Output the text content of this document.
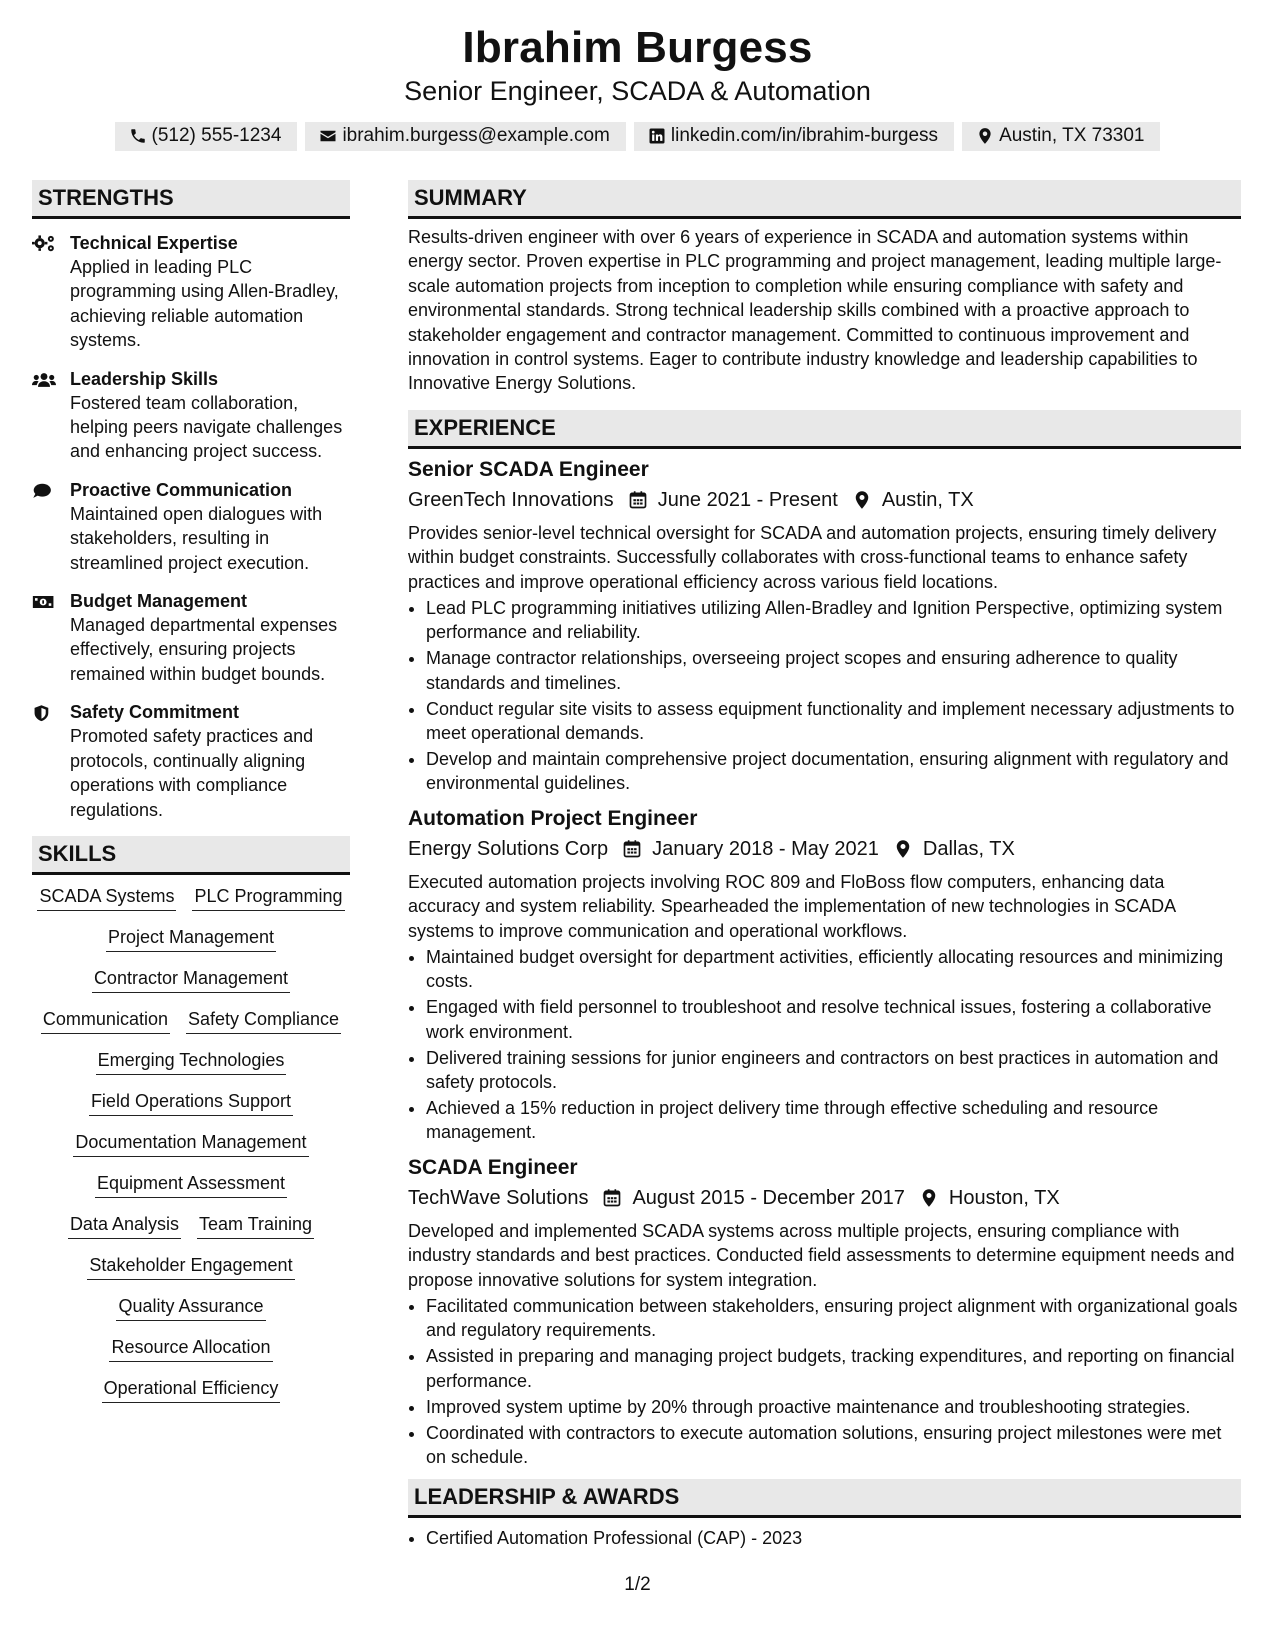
Ibrahim Burgess
Senior Engineer, SCADA & Automation
(512) 555-1234	ibrahim.burgess@example.com	linkedin.com/in/ibrahim-burgess	Austin, TX 73301
STRENGTHS
Technical Expertise
Applied in leading PLC programming using Allen-Bradley, achieving reliable automation systems.
Leadership Skills
Fostered team collaboration, helping peers navigate challenges and enhancing project success.
Proactive Communication
Maintained open dialogues with stakeholders, resulting in streamlined project execution.
Budget Management
Managed departmental expenses effectively, ensuring projects remained within budget bounds.
Safety Commitment
Promoted safety practices and protocols, continually aligning operations with compliance regulations.
SKILLS
SCADA Systems PLC Programming
Project Management
Contractor Management
Communication Safety Compliance
Emerging Technologies
Field Operations Support
Documentation Management
Equipment Assessment
Data Analysis Team Training
Stakeholder Engagement
Quality Assurance
Resource Allocation
Operational Efficiency
SUMMARY
Results-driven engineer with over 6 years of experience in SCADA and automation systems within energy sector. Proven expertise in PLC programming and project management, leading multiple large-scale automation projects from inception to completion while ensuring compliance with safety and environmental standards. Strong technical leadership skills combined with a proactive approach to stakeholder engagement and contractor management. Committed to continuous improvement and innovation in control systems. Eager to contribute industry knowledge and leadership capabilities to Innovative Energy Solutions.
EXPERIENCE
Senior SCADA Engineer
GreenTech Innovations June 2021 - Present Austin, TX
Provides senior-level technical oversight for SCADA and automation projects, ensuring timely delivery within budget constraints. Successfully collaborates with cross-functional teams to enhance safety practices and improve operational efficiency across various field locations.
• Lead PLC programming initiatives utilizing Allen-Bradley and Ignition Perspective, optimizing system performance and reliability.
• Manage contractor relationships, overseeing project scopes and ensuring adherence to quality standards and timelines.
• Conduct regular site visits to assess equipment functionality and implement necessary adjustments to meet operational demands.
• Develop and maintain comprehensive project documentation, ensuring alignment with regulatory and environmental guidelines.
Automation Project Engineer
Energy Solutions Corp January 2018 - May 2021 Dallas, TX
Executed automation projects involving ROC 809 and FloBoss flow computers, enhancing data accuracy and system reliability. Spearheaded the implementation of new technologies in SCADA systems to improve communication and operational workflows.
• Maintained budget oversight for department activities, efficiently allocating resources and minimizing costs.
• Engaged with field personnel to troubleshoot and resolve technical issues, fostering a collaborative work environment.
• Delivered training sessions for junior engineers and contractors on best practices in automation and safety protocols.
• Achieved a 15% reduction in project delivery time through effective scheduling and resource management.
SCADA Engineer
TechWave Solutions August 2015 - December 2017 Houston, TX
Developed and implemented SCADA systems across multiple projects, ensuring compliance with industry standards and best practices. Conducted field assessments to determine equipment needs and propose innovative solutions for system integration.
• Facilitated communication between stakeholders, ensuring project alignment with organizational goals and regulatory requirements.
• Assisted in preparing and managing project budgets, tracking expenditures, and reporting on financial performance.
• Improved system uptime by 20% through proactive maintenance and troubleshooting strategies.
• Coordinated with contractors to execute automation solutions, ensuring project milestones were met on schedule.
LEADERSHIP & AWARDS
• Certified Automation Professional (CAP) - 2023
1/2
